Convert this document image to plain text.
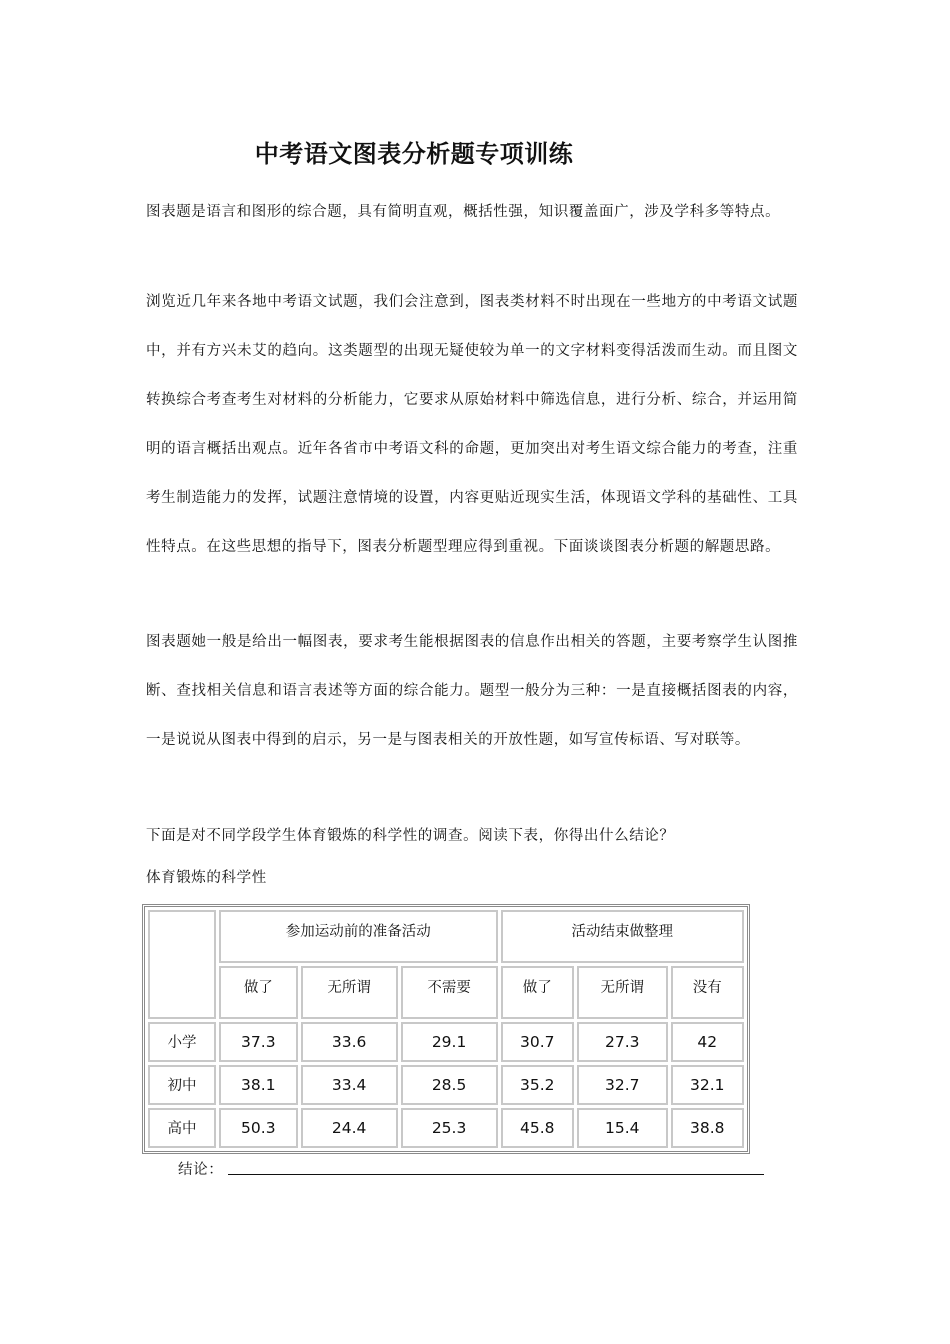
中考语文图表分析题专项训练
图表题是语言和图形的综合题，具有简明直观，概括性强，知识覆盖面广，涉及学科多等特点。
浏览近几年来各地中考语文试题，我们会注意到，图表类材料不时出现在一些地方的中考语文试题中，并有方兴未艾的趋向。这类题型的出现无疑使较为单一的文字材料变得活泼而生动。而且图文转换综合考查考生对材料的分析能力，它要求从原始材料中筛选信息，进行分析、综合，并运用简明的语言概括出观点。近年各省市中考语文科的命题，更加突出对考生语文综合能力的考查，注重考生制造能力的发挥，试题注意情境的设置，内容更贴近现实生活，体现语文学科的基础性、工具性特点。在这些思想的指导下，图表分析题型理应得到重视。下面谈谈图表分析题的解题思路。
图表题她一般是给出一幅图表，要求考生能根据图表的信息作出相关的答题，主要考察学生认图推断、查找相关信息和语言表述等方面的综合能力。题型一般分为三种：一是直接概括图表的内容，一是说说从图表中得到的启示，另一是与图表相关的开放性题，如写宣传标语、写对联等。
下面是对不同学段学生体育锻炼的科学性的调查。阅读下表，你得出什么结论？
体育锻炼的科学性
	参加运动前的准备活动			活动结束做整理		
	做了	无所谓	不需要	做了	无所谓	没有
小学	37.3	33.6	29.1	30.7	27.3	42
初中	38.1	33.4	28.5	35.2	32.7	32.1
高中	50.3	24.4	25.3	45.8	15.4	38.8
结论：
